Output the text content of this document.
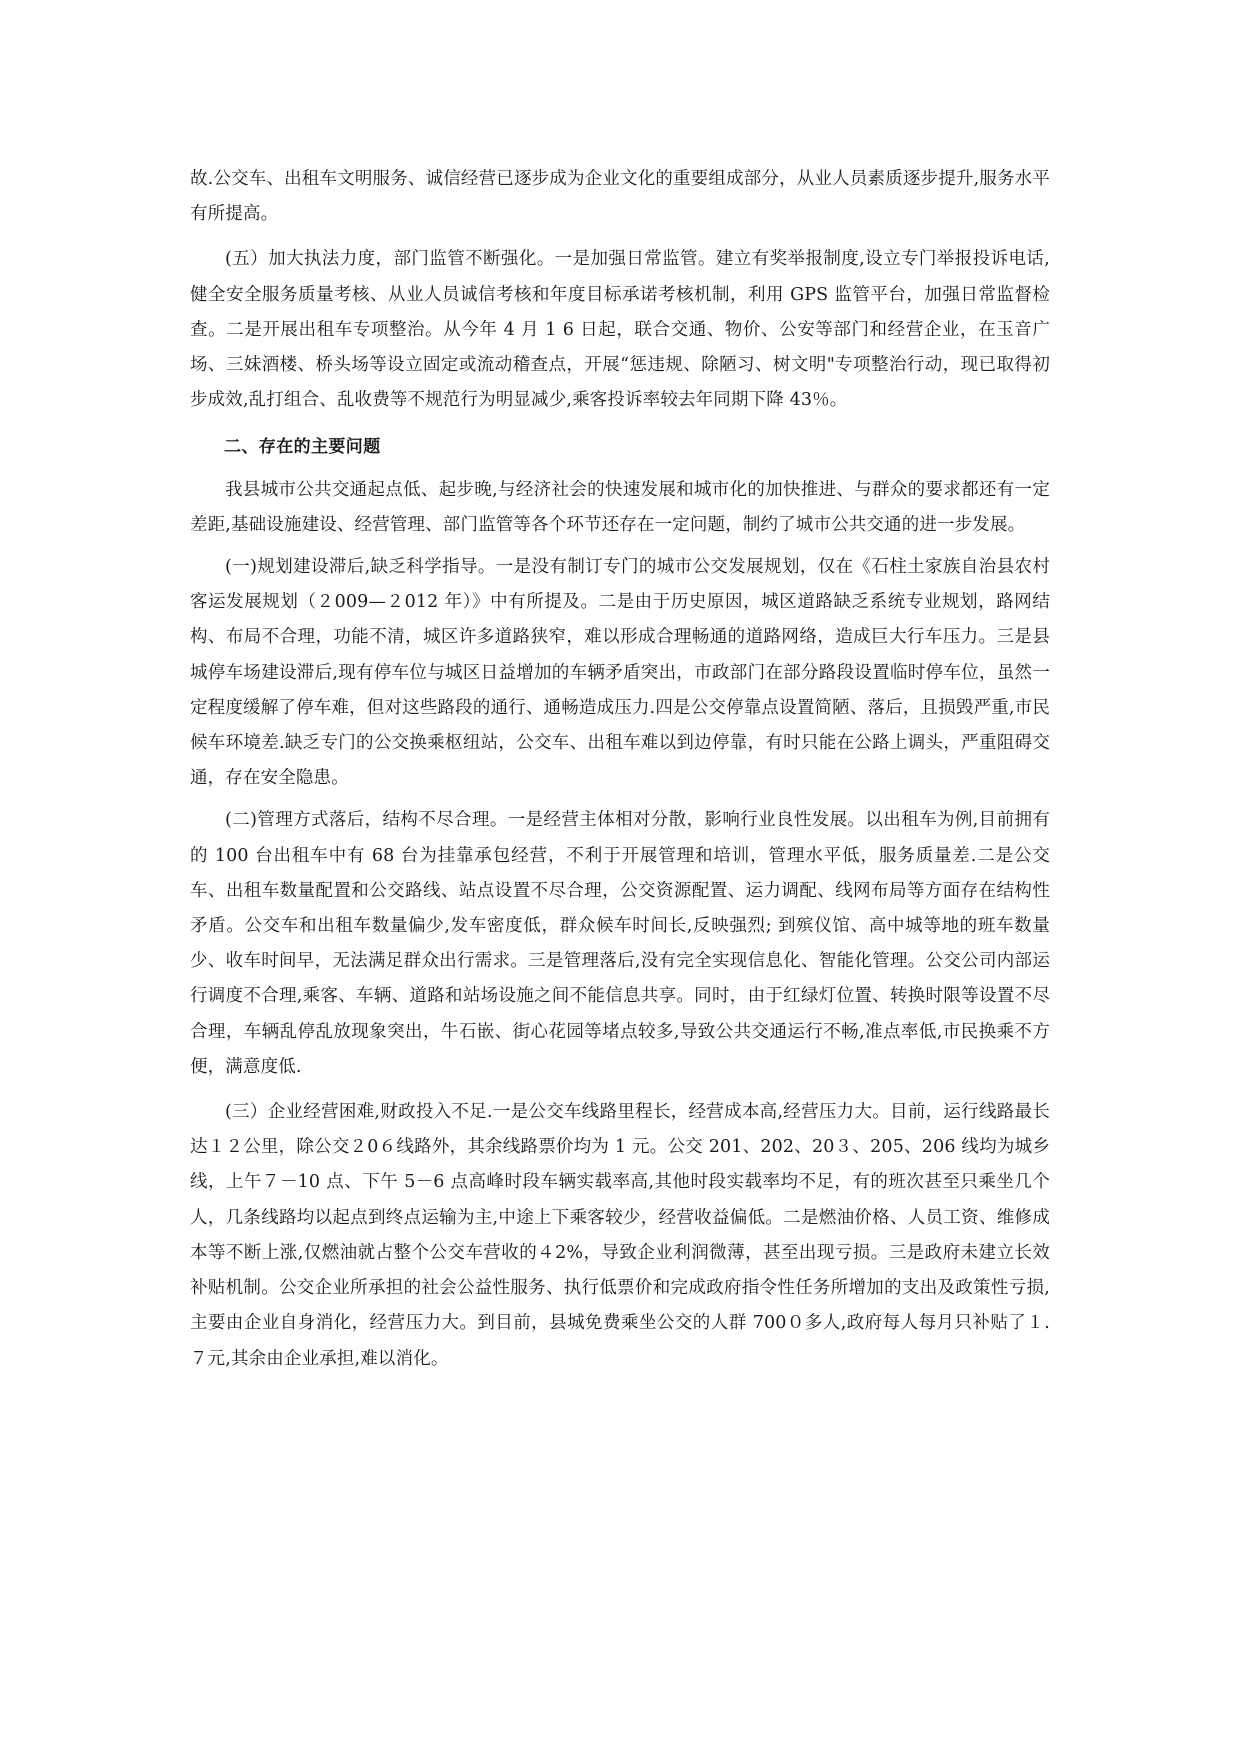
故.公交车、出租车文明服务、诚信经营已逐步成为企业文化的重要组成部分，从业人员素质逐步提升,服务水平有所提高。

(五）加大执法力度，部门监管不断强化。一是加强日常监管。建立有奖举报制度,设立专门举报投诉电话,健全安全服务质量考核、从业人员诚信考核和年度目标承诺考核机制，利用 GPS 监管平台，加强日常监督检查。二是开展出租车专项整治。从今年 4 月 1 6 日起，联合交通、物价、公安等部门和经营企业，在玉音广场、三妹酒楼、桥头场等设立固定或流动稽查点，开展“惩违规、除陋习、树文明"专项整治行动，现已取得初步成效,乱打组合、乱收费等不规范行为明显减少,乘客投诉率较去年同期下降 43％。

二、存在的主要问题

我县城市公共交通起点低、起步晚,与经济社会的快速发展和城市化的加快推进、与群众的要求都还有一定差距,基础设施建设、经营管理、部门监管等各个环节还存在一定问题，制约了城市公共交通的进一步发展。

(一)规划建设滞后,缺乏科学指导。一是没有制订专门的城市公交发展规划，仅在《石柱土家族自治县农村客运发展规划（２009—２012 年）》中有所提及。二是由于历史原因，城区道路缺乏系统专业规划，路网结构、布局不合理，功能不清，城区许多道路狭窄，难以形成合理畅通的道路网络，造成巨大行车压力。三是县城停车场建设滞后,现有停车位与城区日益增加的车辆矛盾突出，市政部门在部分路段设置临时停车位，虽然一定程度缓解了停车难，但对这些路段的通行、通畅造成压力.四是公交停靠点设置简陋、落后，且损毁严重,市民候车环境差.缺乏专门的公交换乘枢纽站，公交车、出租车难以到边停靠，有时只能在公路上调头，严重阻碍交通，存在安全隐患。

(二)管理方式落后，结构不尽合理。一是经营主体相对分散，影响行业良性发展。以出租车为例,目前拥有的 100 台出租车中有 68 台为挂靠承包经营，不利于开展管理和培训，管理水平低，服务质量差.二是公交车、出租车数量配置和公交路线、站点设置不尽合理，公交资源配置、运力调配、线网布局等方面存在结构性矛盾。公交车和出租车数量偏少,发车密度低，群众候车时间长,反映强烈; 到殡仪馆、高中城等地的班车数量少、收车时间早，无法满足群众出行需求。三是管理落后,没有完全实现信息化、智能化管理。公交公司内部运行调度不合理,乘客、车辆、道路和站场设施之间不能信息共享。同时，由于红绿灯位置、转换时限等设置不尽合理，车辆乱停乱放现象突出，牛石嵌、街心花园等堵点较多,导致公共交通运行不畅,准点率低,市民换乘不方便，满意度低.

(三）企业经营困难,财政投入不足.一是公交车线路里程长，经营成本高,经营压力大。目前，运行线路最长达１２公里，除公交２0６线路外，其余线路票价均为 1 元。公交 201、202、20３、205、206 线均为城乡线，上午７－10 点、下午 5－6 点高峰时段车辆实载率高,其他时段实载率均不足，有的班次甚至只乘坐几个人，几条线路均以起点到终点运输为主,中途上下乘客较少，经营收益偏低。二是燃油价格、人员工资、维修成本等不断上涨,仅燃油就占整个公交车营收的４2%，导致企业利润微薄，甚至出现亏损。三是政府未建立长效补贴机制。公交企业所承担的社会公益性服务、执行低票价和完成政府指令性任务所增加的支出及政策性亏损,主要由企业自身消化，经营压力大。到目前，县城免费乘坐公交的人群 700０多人,政府每人每月只补贴了１.７元,其余由企业承担,难以消化。
